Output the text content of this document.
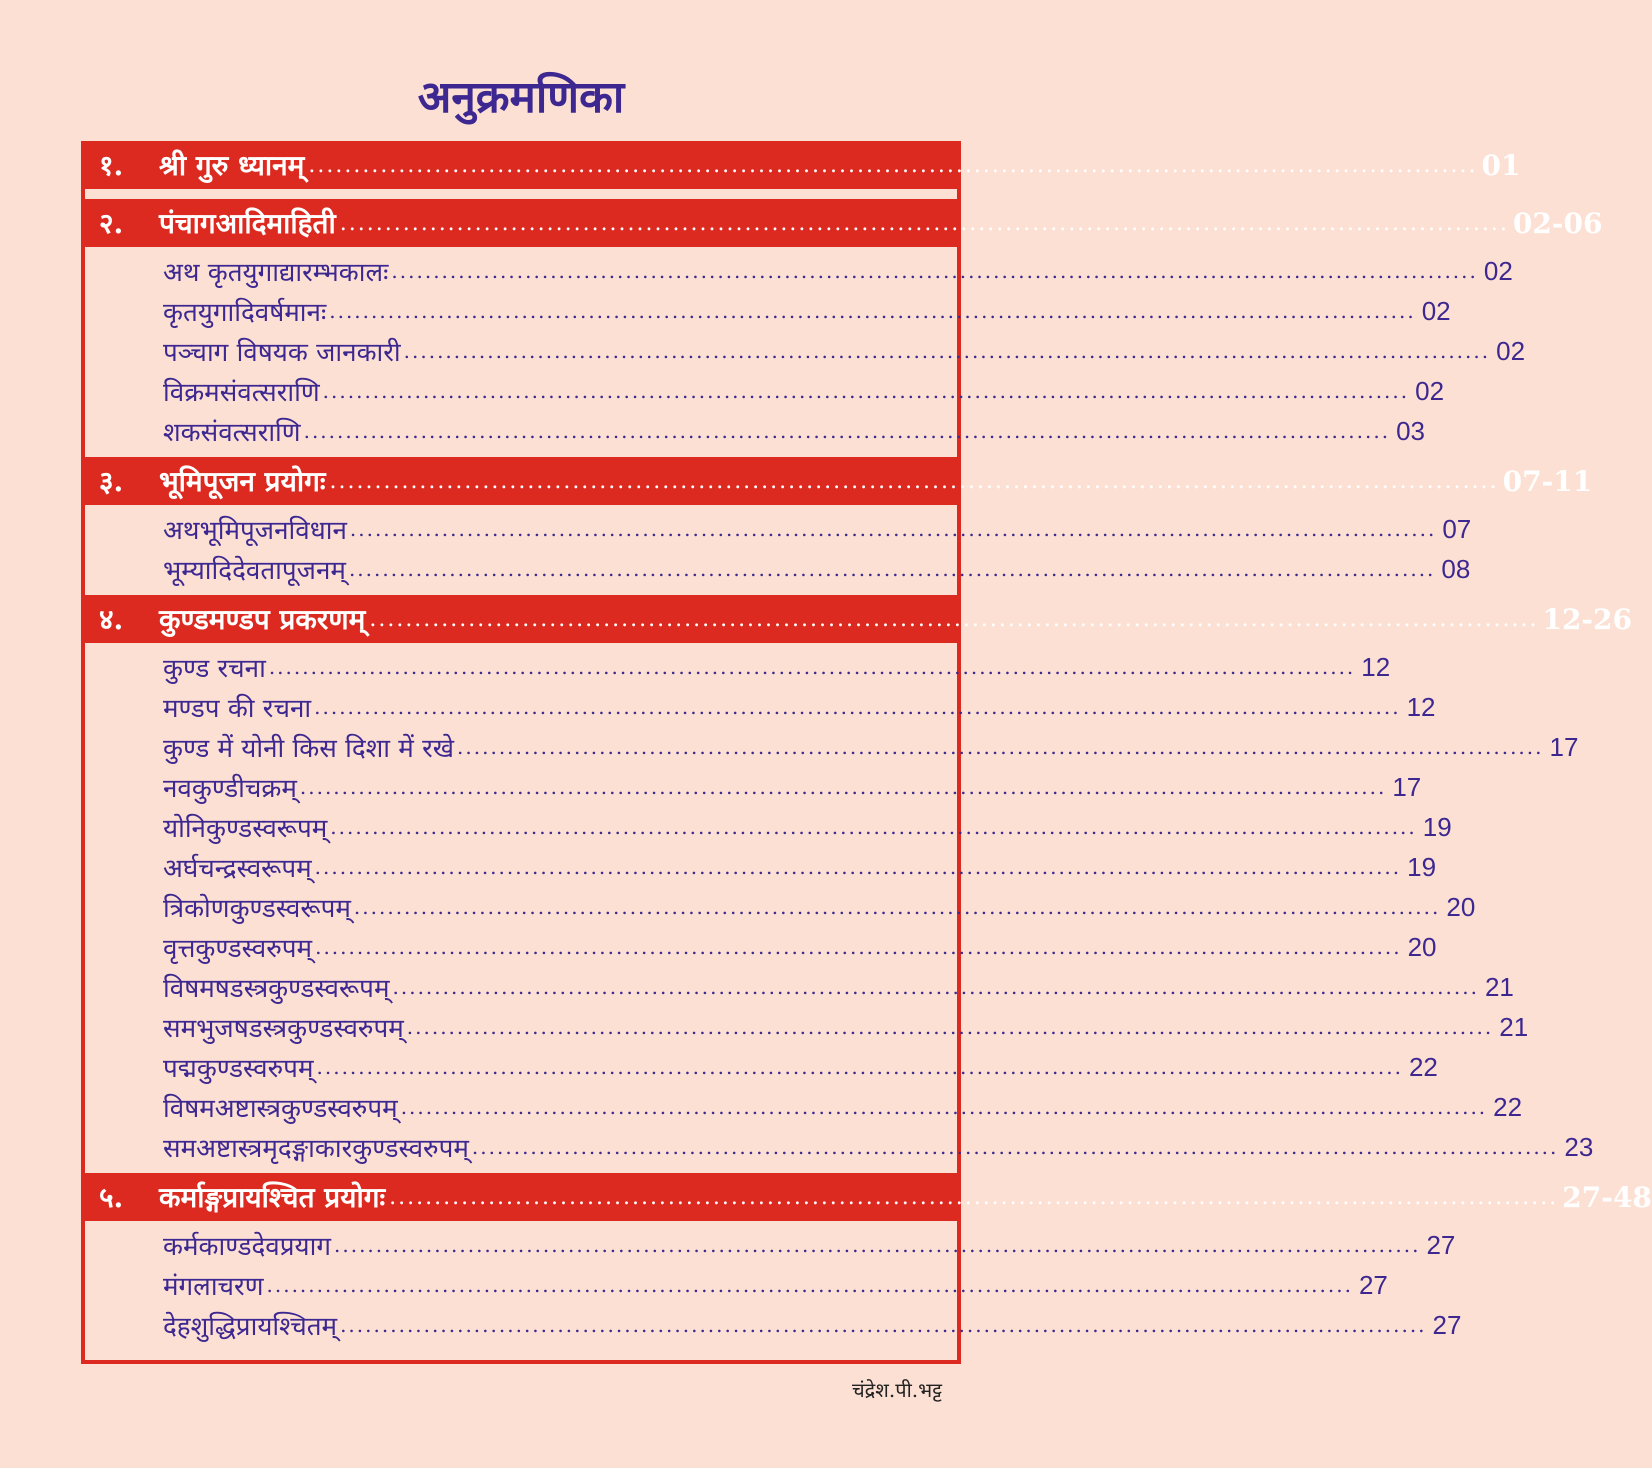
अनुक्रमणिका
१.	श्री गुरु ध्यानम् .................................................................................................................................. 01
२.	पंचागआदिमाहिती .................................................................................................................................. 02-06
अथ कृतयुगाद्यारम्भकालः .................................................................................................................................. 02
कृतयुगादिवर्षमानः .................................................................................................................................. 02
पञ्चाग विषयक जानकारी .................................................................................................................................. 02
विक्रमसंवत्सराणि .................................................................................................................................. 02
शकसंवत्सराणि .................................................................................................................................. 03
३.	भूमिपूजन प्रयोगः .................................................................................................................................. 07-11
अथभूमिपूजनविधान .................................................................................................................................. 07
भूम्यादिदेवतापूजनम् .................................................................................................................................. 08
४.	कुण्डमण्डप प्रकरणम् .................................................................................................................................. 12-26
कुण्ड रचना .................................................................................................................................. 12
मण्डप की रचना .................................................................................................................................. 12
कुण्ड में योनी किस दिशा में रखे .................................................................................................................................. 17
नवकुण्डीचक्रम् .................................................................................................................................. 17
योनिकुण्डस्वरूपम् .................................................................................................................................. 19
अर्घचन्द्रस्वरूपम् .................................................................................................................................. 19
त्रिकोणकुण्डस्वरूपम् .................................................................................................................................. 20
वृत्तकुण्डस्वरुपम् .................................................................................................................................. 20
विषमषडस्त्रकुण्डस्वरूपम् .................................................................................................................................. 21
समभुजषडस्त्रकुण्डस्वरुपम् .................................................................................................................................. 21
पद्मकुण्डस्वरुपम् .................................................................................................................................. 22
विषमअष्टास्त्रकुण्डस्वरुपम् .................................................................................................................................. 22
समअष्टास्त्रमृदङ्गाकारकुण्डस्वरुपम् .................................................................................................................................. 23
५.	कर्माङ्गप्रायश्चित प्रयोगः .................................................................................................................................. 27-48
कर्मकाण्डदेवप्रयाग .................................................................................................................................. 27
मंगलाचरण .................................................................................................................................. 27
देहशुद्धिप्रायश्चितम् .................................................................................................................................. 27
चंद्रेश.पी.भट्ट
